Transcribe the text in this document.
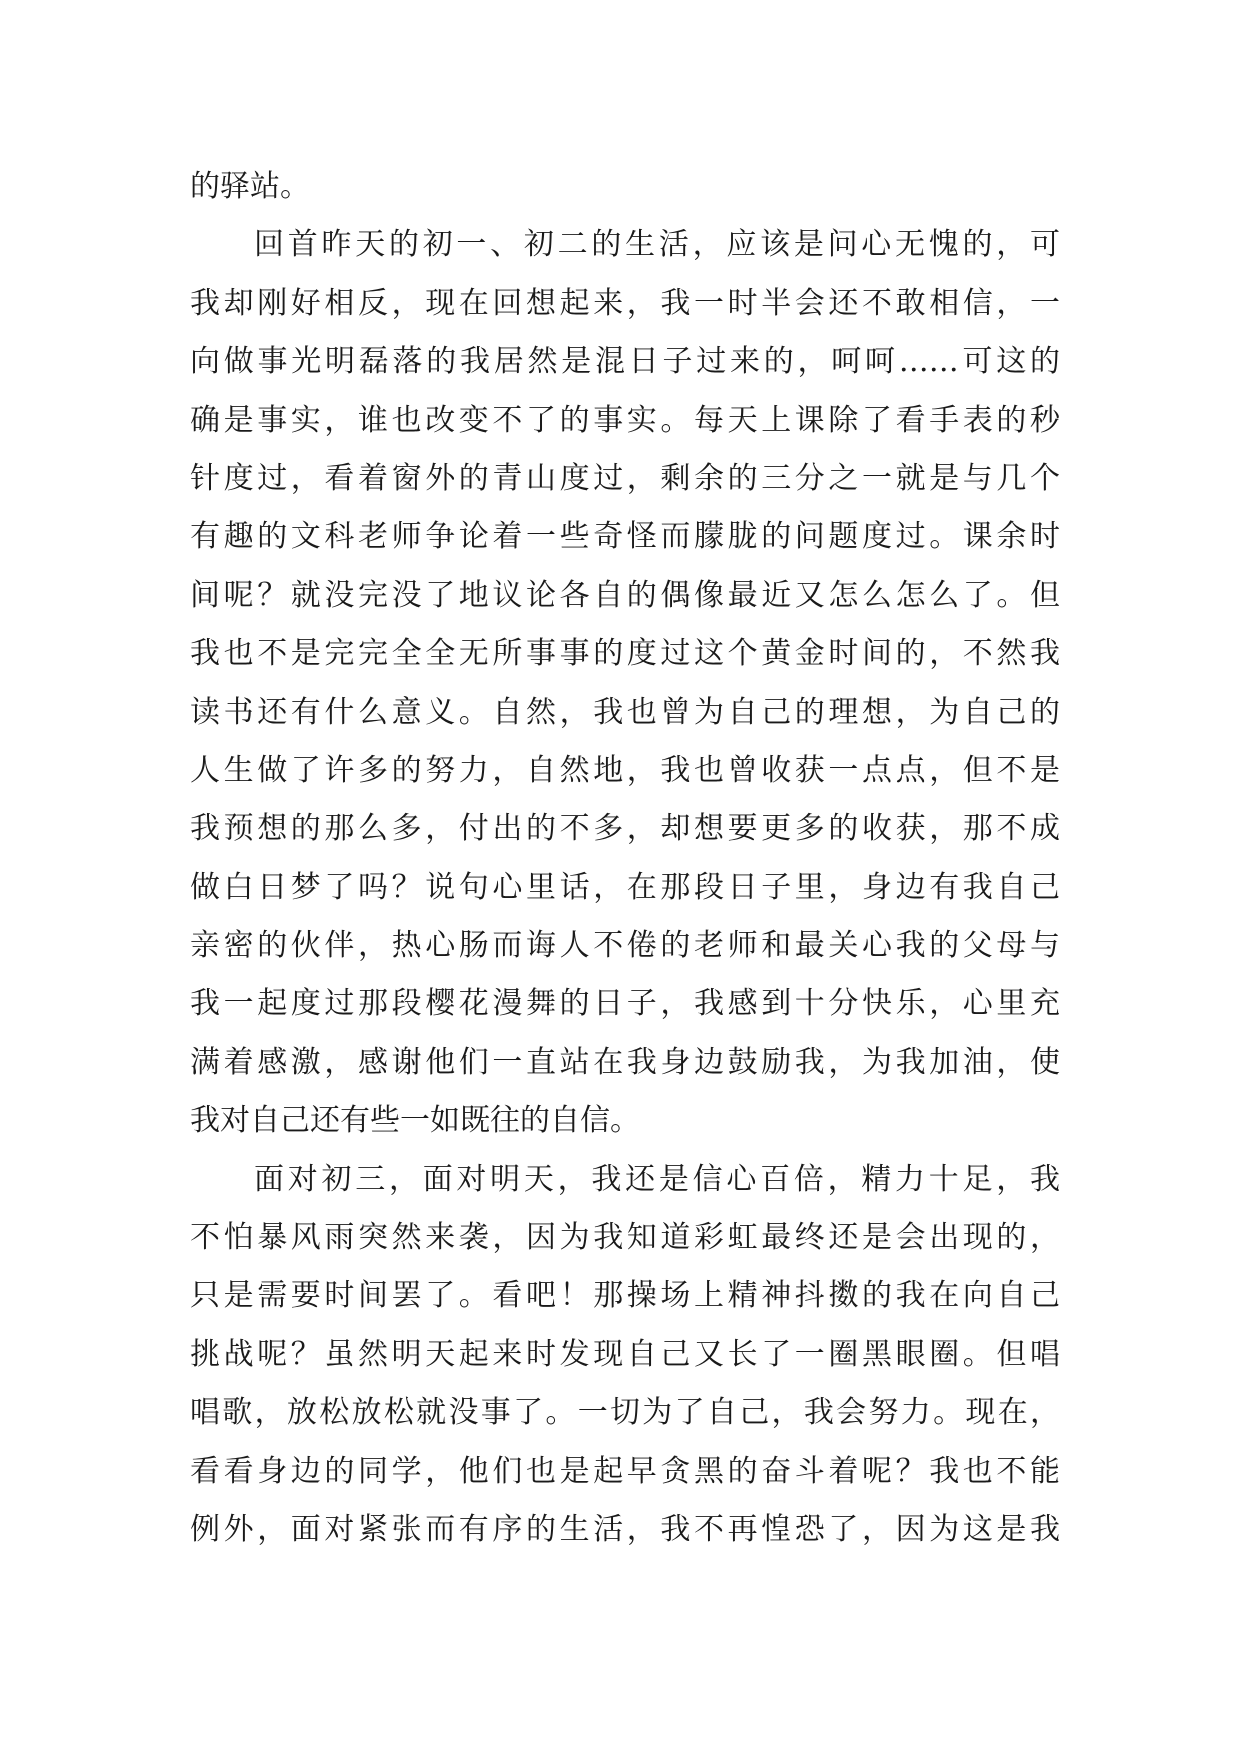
的驿站。
回首昨天的初一、初二的生活，应该是问心无愧的，可
我却刚好相反，现在回想起来，我一时半会还不敢相信，一
向做事光明磊落的我居然是混日子过来的，呵呵……可这的
确是事实，谁也改变不了的事实。每天上课除了看手表的秒
针度过，看着窗外的青山度过，剩余的三分之一就是与几个
有趣的文科老师争论着一些奇怪而朦胧的问题度过。课余时
间呢？就没完没了地议论各自的偶像最近又怎么怎么了。但
我也不是完完全全无所事事的度过这个黄金时间的，不然我
读书还有什么意义。自然，我也曾为自己的理想，为自己的
人生做了许多的努力，自然地，我也曾收获一点点，但不是
我预想的那么多，付出的不多，却想要更多的收获，那不成
做白日梦了吗？说句心里话，在那段日子里，身边有我自己
亲密的伙伴，热心肠而诲人不倦的老师和最关心我的父母与
我一起度过那段樱花漫舞的日子，我感到十分快乐，心里充
满着感激，感谢他们一直站在我身边鼓励我，为我加油，使
我对自己还有些一如既往的自信。
面对初三，面对明天，我还是信心百倍，精力十足，我
不怕暴风雨突然来袭，因为我知道彩虹最终还是会出现的，
只是需要时间罢了。看吧！那操场上精神抖擞的我在向自己
挑战呢？虽然明天起来时发现自己又长了一圈黑眼圈。但唱
唱歌，放松放松就没事了。一切为了自己，我会努力。现在，
看看身边的同学，他们也是起早贪黑的奋斗着呢？我也不能
例外，面对紧张而有序的生活，我不再惶恐了，因为这是我
